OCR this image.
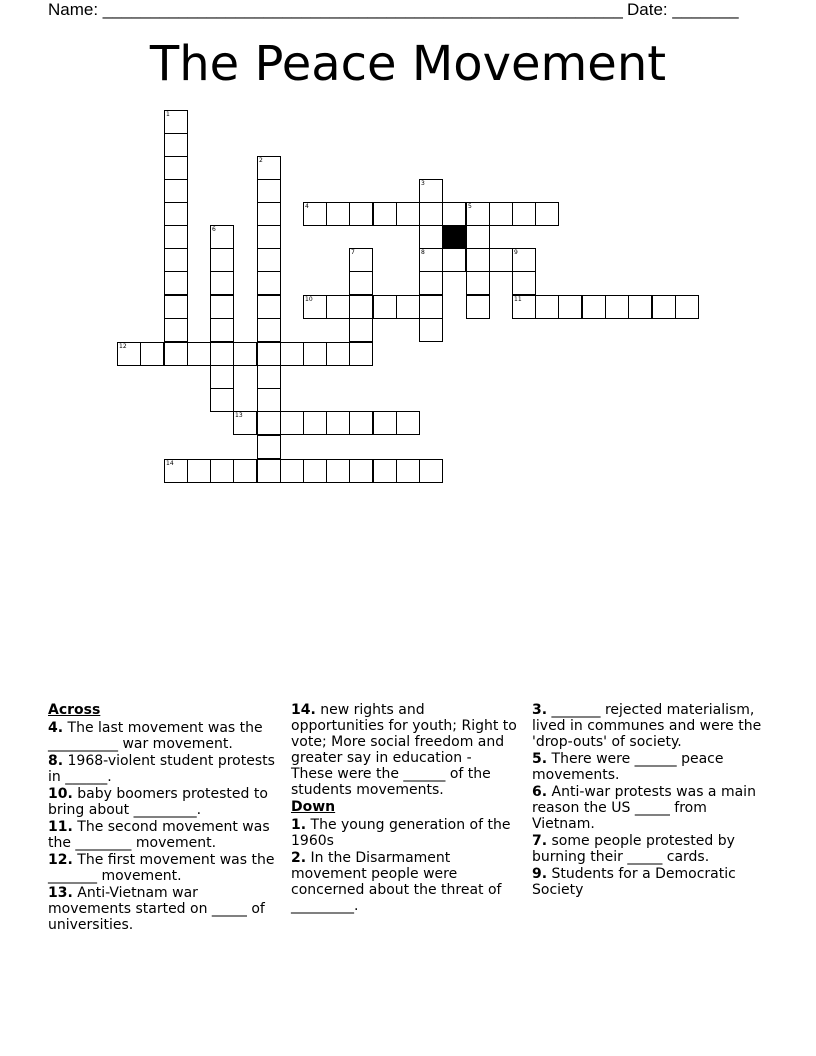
Name: _______________________________________________________ Date: _______
The Peace Movement
1
2
3
4	5
6
7	8	9
10	11
12
13
14
Across
4. The last movement was the __________ war movement.
8. 1968-violent student protests in ______.
10. baby boomers protested to bring about _________.
11. The second movement was the ________ movement.
12. The first movement was the _______ movement.
13. Anti-Vietnam war movements started on _____ of universities.
14. new rights and opportunities for youth; Right to vote; More social freedom and greater say in education - These were the ______ of the students movements.
Down
1. The young generation of the 1960s
2. In the Disarmament movement people were concerned about the threat of _________.
3. _______ rejected materialism, lived in communes and were the 'drop-outs' of society.
5. There were ______ peace movements.
6. Anti-war protests was a main reason the US _____ from Vietnam.
7. some people protested by burning their _____ cards.
9. Students for a Democratic Society
